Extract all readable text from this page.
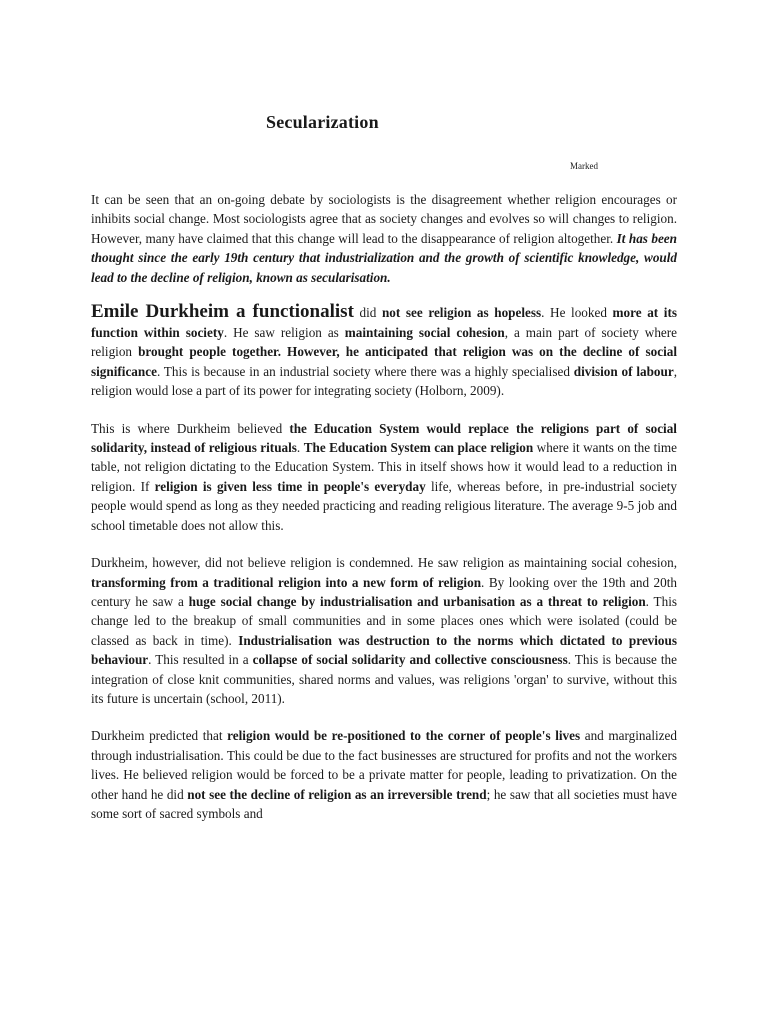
Secularization
Marked

It can be seen that an on-going debate by sociologists is the disagreement whether religion encourages or inhibits social change. Most sociologists agree that as society changes and evolves so will changes to religion. However, many have claimed that this change will lead to the disappearance of religion altogether. It has been thought since the early 19th century that industrialization and the growth of scientific knowledge, would lead to the decline of religion, known as secularisation.

Emile Durkheim a functionalist did not see religion as hopeless. He looked more at its function within society. He saw religion as maintaining social cohesion, a main part of society where religion brought people together. However, he anticipated that religion was on the decline of social significance. This is because in an industrial society where there was a highly specialised division of labour, religion would lose a part of its power for integrating society (Holborn, 2009).

This is where Durkheim believed the Education System would replace the religions part of social solidarity, instead of religious rituals. The Education System can place religion where it wants on the time table, not religion dictating to the Education System. This in itself shows how it would lead to a reduction in religion. If religion is given less time in people's everyday life, whereas before, in pre-industrial society people would spend as long as they needed practicing and reading religious literature. The average 9-5 job and school timetable does not allow this.

Durkheim, however, did not believe religion is condemned. He saw religion as maintaining social cohesion, transforming from a traditional religion into a new form of religion. By looking over the 19th and 20th century he saw a huge social change by industrialisation and urbanisation as a threat to religion. This change led to the breakup of small communities and in some places ones which were isolated (could be classed as back in time). Industrialisation was destruction to the norms which dictated to previous behaviour. This resulted in a collapse of social solidarity and collective consciousness. This is because the integration of close knit communities, shared norms and values, was religions 'organ' to survive, without this its future is uncertain (school, 2011).

Durkheim predicted that religion would be re-positioned to the corner of people's lives and marginalized through industrialisation. This could be due to the fact businesses are structured for profits and not the workers lives. He believed religion would be forced to be a private matter for people, leading to privatization. On the other hand he did not see the decline of religion as an irreversible trend; he saw that all societies must have some sort of sacred symbols and
